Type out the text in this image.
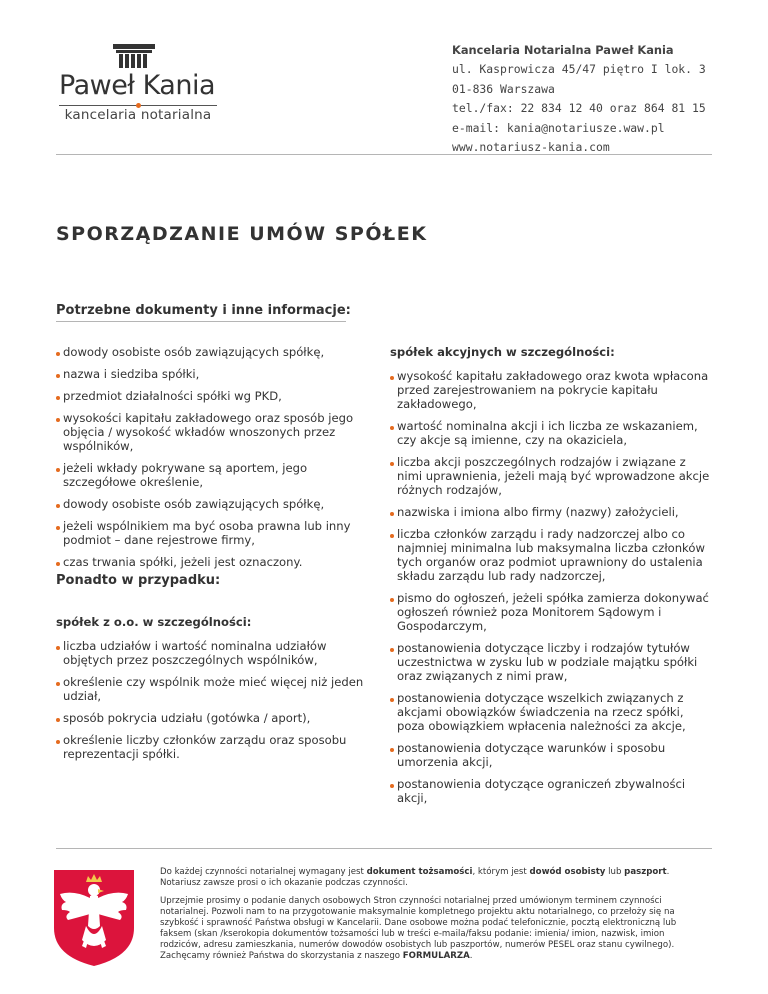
Paweł Kania
kancelaria notarialna
Kancelaria Notarialna Paweł Kania
ul. Kasprowicza 45/47 piętro I lok. 3
01-836 Warszawa
tel./fax: 22 834 12 40 oraz 864 81 15
e-mail: kania@notariusze.waw.pl
www.notariusz-kania.com
SPORZĄDZANIE UMÓW SPÓŁEK
Potrzebne dokumenty i inne informacje:
dowody osobiste osób zawiązujących spółkę,
nazwa i siedziba spółki,
przedmiot działalności spółki wg PKD,
wysokości kapitału zakładowego oraz sposób jego objęcia / wysokość wkładów wnoszonych przez wspólników,
jeżeli wkłady pokrywane są aportem, jego szczegółowe określenie,
dowody osobiste osób zawiązujących spółkę,
jeżeli wspólnikiem ma być osoba prawna lub inny podmiot – dane rejestrowe firmy,
czas trwania spółki, jeżeli jest oznaczony.
Ponadto w przypadku:
spółek z o.o. w szczególności:
liczba udziałów i wartość nominalna udziałów objętych przez poszczególnych wspólników,
określenie czy wspólnik może mieć więcej niż jeden udział,
sposób pokrycia udziału (gotówka / aport),
określenie liczby członków zarządu oraz sposobu reprezentacji spółki.
spółek akcyjnych w szczególności:
wysokość kapitału zakładowego oraz kwota wpłacona przed zarejestrowaniem na pokrycie kapitału zakładowego,
wartość nominalna akcji i ich liczba ze wskazaniem, czy akcje są imienne, czy na okaziciela,
liczba akcji poszczególnych rodzajów i związane z nimi uprawnienia, jeżeli mają być wprowadzone akcje różnych rodzajów,
nazwiska i imiona albo firmy (nazwy) założycieli,
liczba członków zarządu i rady nadzorczej albo co najmniej minimalna lub maksymalna liczba członków tych organów oraz podmiot uprawniony do ustalenia składu zarządu lub rady nadzorczej,
pismo do ogłoszeń, jeżeli spółka zamierza dokonywać ogłoszeń również poza Monitorem Sądowym i Gospodarczym,
postanowienia dotyczące liczby i rodzajów tytułów uczestnictwa w zysku lub w podziale majątku spółki oraz związanych z nimi praw,
postanowienia dotyczące wszelkich związanych z akcjami obowiązków świadczenia na rzecz spółki, poza obowiązkiem wpłacenia należności za akcje,
postanowienia dotyczące warunków i sposobu umorzenia akcji,
postanowienia dotyczące ograniczeń zbywalności akcji,

Do każdej czynności notarialnej wymagany jest dokument tożsamości, którym jest dowód osobisty lub paszport.
Notariusz zawsze prosi o ich okazanie podczas czynności.

Uprzejmie prosimy o podanie danych osobowych Stron czynności notarialnej przed umówionym terminem czynności notarialnej. Pozwoli nam to na przygotowanie maksymalnie kompletnego projektu aktu notarialnego, co przełoży się na szybkość i sprawność Państwa obsługi w Kancelarii. Dane osobowe można podać telefonicznie, pocztą elektroniczną lub faksem (skan /kserokopia dokumentów tożsamości lub w treści e-maila/faksu podanie: imienia/ imion, nazwisk, imion rodziców, adresu zamieszkania, numerów dowodów osobistych lub paszportów, numerów PESEL oraz stanu cywilnego). Zachęcamy również Państwa do skorzystania z naszego FORMULARZA.
